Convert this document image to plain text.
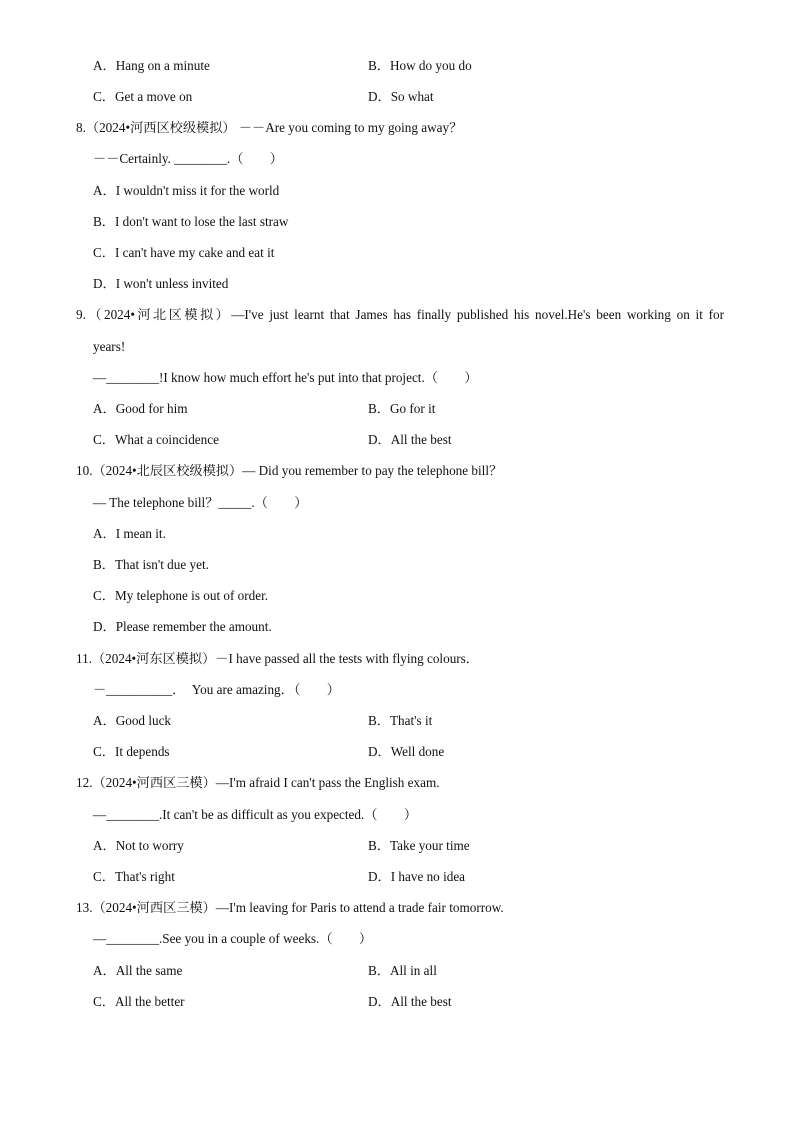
A．Hang on a minute	B．How do you do
C．Get a move on	D．So what
8.（2024•河西区校级模拟） －－Are you coming to my going away？
－－Certainly. ________.（　　）
A．I wouldn't miss it for the world
B．I don't want to lose the last straw
C．I can't have my cake and eat it
D．I won't unless invited
9.（2024•河北区模拟）—I've just learnt that James has finally published his novel.He's been working on it for
years!
—________!I know how much effort he's put into that project.（　　）
A．Good for him	B．Go for it
C．What a coincidence	D．All the best
10.（2024•北辰区校级模拟）— Did you remember to pay the telephone bill？
— The telephone bill？_____.（　　）
A．I mean it.
B．That isn't due yet.
C．My telephone is out of order.
D．Please remember the amount.
11.（2024•河东区模拟）－I have passed all the tests with flying colours．
－__________．　You are amazing．（　　）
A．Good luck	B．That's it
C．It depends	D．Well done
12.（2024•河西区三模）—I'm afraid I can't pass the English exam.
—________.It can't be as difficult as you expected.（　　）
A．Not to worry	B．Take your time
C．That's right	D．I have no idea
13.（2024•河西区三模）—I'm leaving for Paris to attend a trade fair tomorrow.
—________.See you in a couple of weeks.（　　）
A．All the same	B．All in all
C．All the better	D．All the best
